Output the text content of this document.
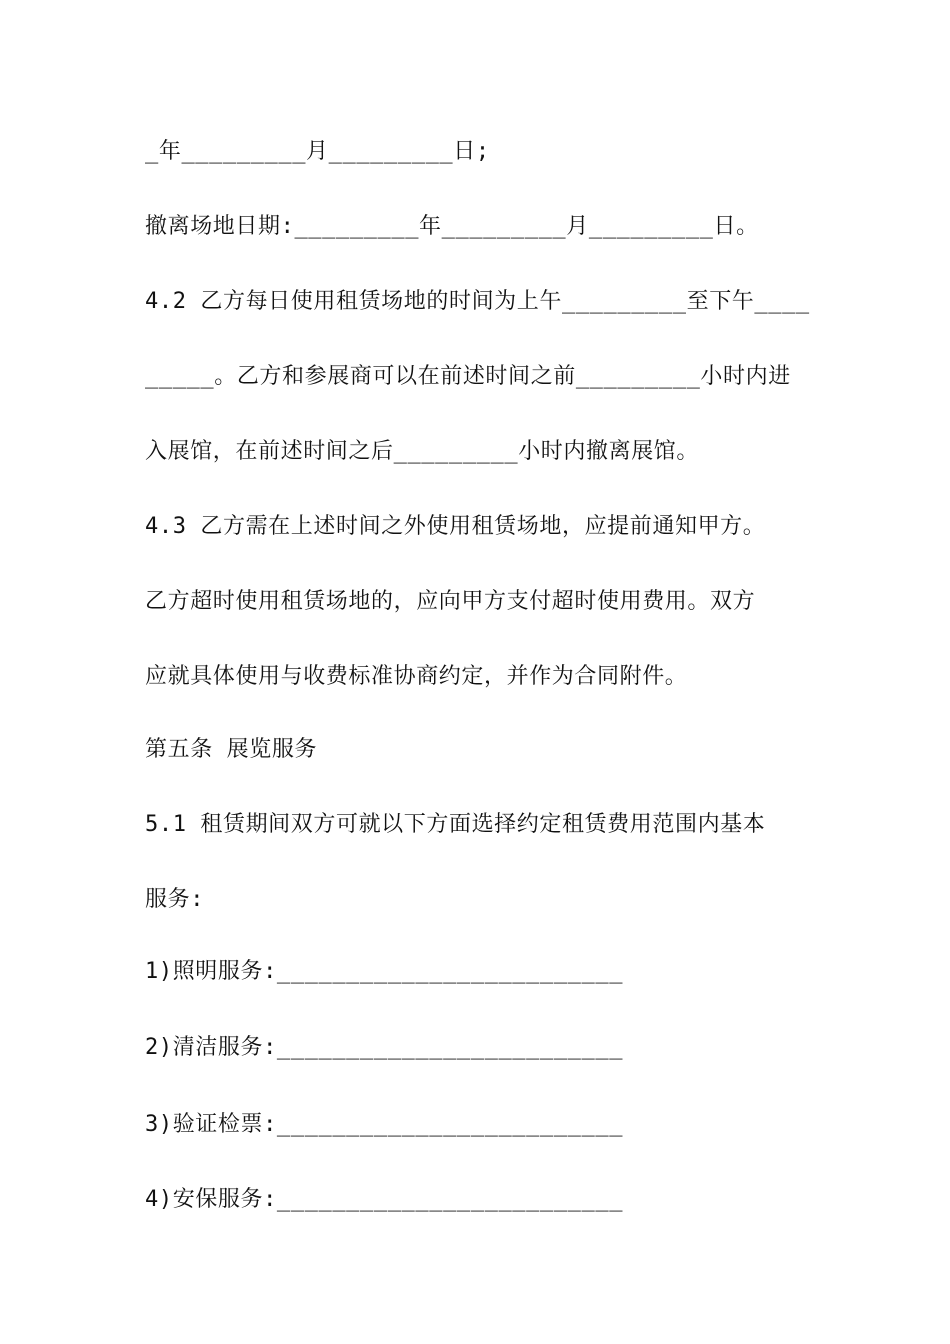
_年_________月_________日;
撤离场地日期:_________年_________月_________日。
4.2 乙方每日使用租赁场地的时间为上午_________至下午____
_____。乙方和参展商可以在前述时间之前_________小时内进
入展馆，在前述时间之后_________小时内撤离展馆。
4.3 乙方需在上述时间之外使用租赁场地，应提前通知甲方。
乙方超时使用租赁场地的，应向甲方支付超时使用费用。双方
应就具体使用与收费标准协商约定，并作为合同附件。
第五条 展览服务
5.1 租赁期间双方可就以下方面选择约定租赁费用范围内基本
服务:
1)照明服务:_________________________
2)清洁服务:_________________________
3)验证检票:_________________________
4)安保服务:_________________________
